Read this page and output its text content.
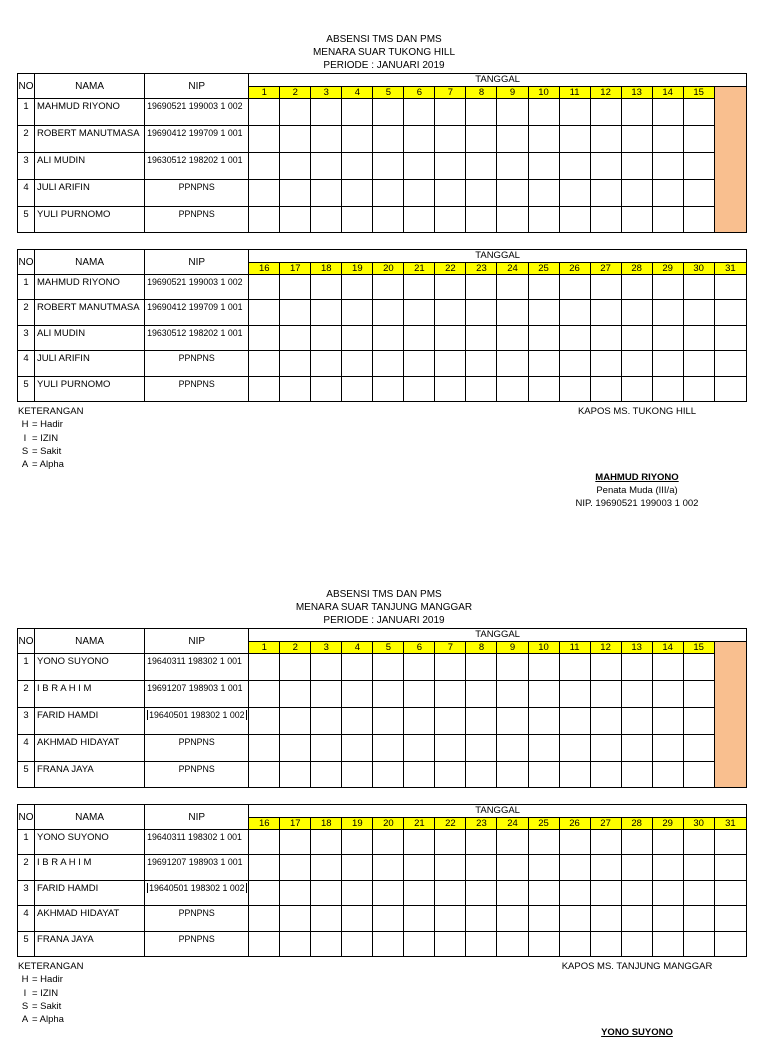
ABSENSI TMS DAN PMS
MENARA SUAR TUKONG HILL
PERIODE : JANUARI 2019
NO	NAMA	NIP	TANGGAL															
			1	2	3	4	5	6	7	8	9	10	11	12	13	14	15	
1	MAHMUD RIYONO	19690521 199003 1 002																
2	ROBERT MANUTMASA	19690412 199709 1 001																
3	ALI MUDIN	19630512 198202 1 001																
4	JULI ARIFIN	PPNPNS																
5	YULI PURNOMO	PPNPNS																
NO	NAMA	NIP	TANGGAL															
			16	17	18	19	20	21	22	23	24	25	26	27	28	29	30	31
1	MAHMUD RIYONO	19690521 199003 1 002																
2	ROBERT MANUTMASA	19690412 199709 1 001																
3	ALI MUDIN	19630512 198202 1 001																
4	JULI ARIFIN	PPNPNS																
5	YULI PURNOMO	PPNPNS																
KETERANGAN
H = Hadir
I = IZIN
S = Sakit
A = Alpha
KAPOS MS. TUKONG HILL
MAHMUD RIYONO
Penata Muda (III/a)
NIP. 19690521 199003 1 002
ABSENSI TMS DAN PMS
MENARA SUAR TANJUNG MANGGAR
PERIODE : JANUARI 2019
NO	NAMA	NIP	TANGGAL															
			1	2	3	4	5	6	7	8	9	10	11	12	13	14	15	
1	YONO SUYONO	19640311 198302 1 001																
2	I B R A H I M	19691207 198903 1 001																
3	FARID HAMDI	19640501 198302 1 002																
4	AKHMAD HIDAYAT	PPNPNS																
5	FRANA JAYA	PPNPNS																
NO	NAMA	NIP	TANGGAL															
			16	17	18	19	20	21	22	23	24	25	26	27	28	29	30	31
1	YONO SUYONO	19640311 198302 1 001																
2	I B R A H I M	19691207 198903 1 001																
3	FARID HAMDI	19640501 198302 1 002																
4	AKHMAD HIDAYAT	PPNPNS																
5	FRANA JAYA	PPNPNS																
KETERANGAN
H = Hadir
I = IZIN
S = Sakit
A = Alpha
KAPOS MS. TANJUNG MANGGAR
YONO SUYONO
